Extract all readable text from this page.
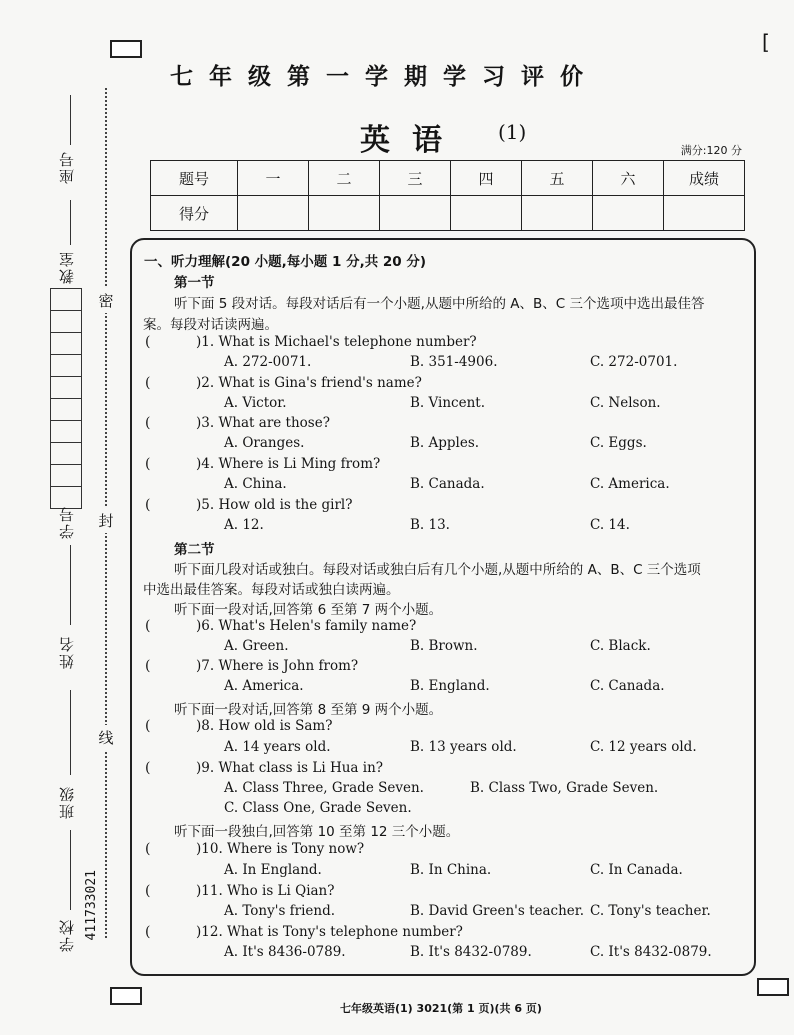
[
座号
教室
学号
姓名
班级
学校 411733021
密
封
线
七年级第一学期学习评价
英语 (1)
满分:120 分
题号	一	二	三	四	五	六	成绩
得分							
一、听力理解(20 小题,每小题 1 分,共 20 分)
第一节
听下面 5 段对话。每段对话后有一个小题,从题中所给的 A、B、C 三个选项中选出最佳答
案。每段对话读两遍。
(	)1. What is Michael's telephone number?
A. 272-0071.	B. 351-4906.	C. 272-0701.
(	)2. What is Gina's friend's name?
A. Victor.	B. Vincent.	C. Nelson.
(	)3. What are those?
A. Oranges.	B. Apples.	C. Eggs.
(	)4. Where is Li Ming from?
A. China.	B. Canada.	C. America.
(	)5. How old is the girl?
A. 12.	B. 13.	C. 14.
第二节
听下面几段对话或独白。每段对话或独白后有几个小题,从题中所给的 A、B、C 三个选项
中选出最佳答案。每段对话或独白读两遍。
听下面一段对话,回答第 6 至第 7 两个小题。
(	)6. What's Helen's family name?
A. Green.	B. Brown.	C. Black.
(	)7. Where is John from?
A. America.	B. England.	C. Canada.
听下面一段对话,回答第 8 至第 9 两个小题。
(	)8. How old is Sam?
A. 14 years old.	B. 13 years old.	C. 12 years old.
(	)9. What class is Li Hua in?
A. Class Three, Grade Seven.	B. Class Two, Grade Seven.
C. Class One, Grade Seven.
听下面一段独白,回答第 10 至第 12 三个小题。
(	)10. Where is Tony now?
A. In England.	B. In China.	C. In Canada.
(	)11. Who is Li Qian?
A. Tony's friend.	B. David Green's teacher. C. Tony's teacher.
(	)12. What is Tony's telephone number?
A. It's 8436-0789.	B. It's 8432-0789.	C. It's 8432-0879.
七年级英语(1) 3021(第 1 页)(共 6 页)
